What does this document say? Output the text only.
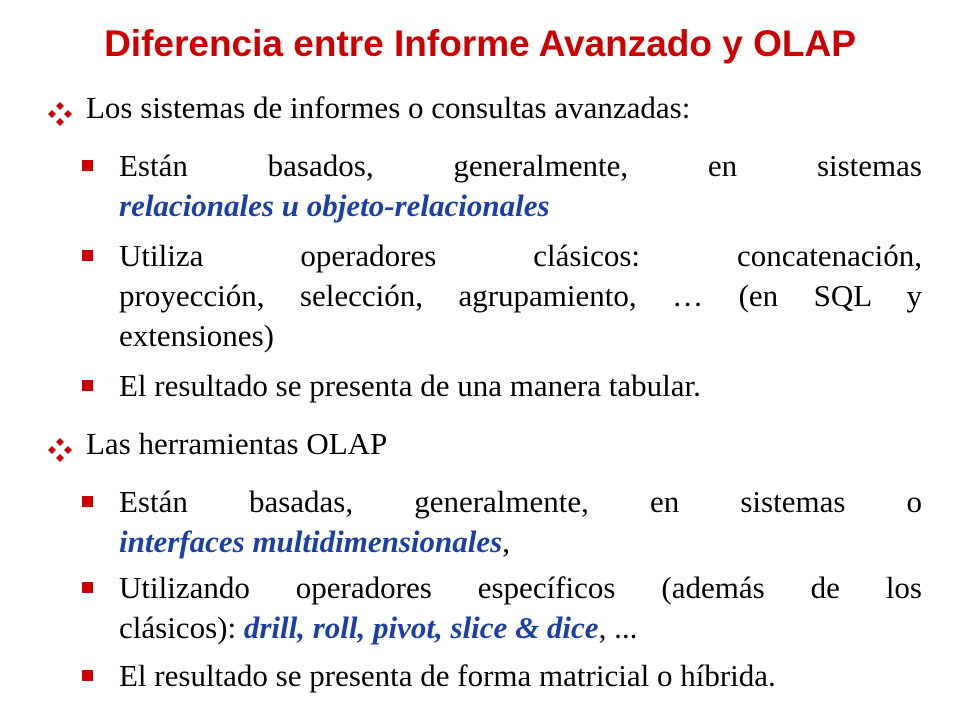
Diferencia entre Informe Avanzado y OLAP
Los sistemas de informes o consultas avanzadas:
Están basados, generalmente, en sistemas
relacionales u objeto-relacionales
Utiliza operadores clásicos: concatenación,
proyección, selección, agrupamiento, … (en SQL y
extensiones)
El resultado se presenta de una manera tabular.
Las herramientas OLAP
Están basadas, generalmente, en sistemas o
interfaces multidimensionales,
Utilizando operadores específicos (además de los
clásicos): drill, roll, pivot, slice & dice, ...
El resultado se presenta de forma matricial o híbrida.
